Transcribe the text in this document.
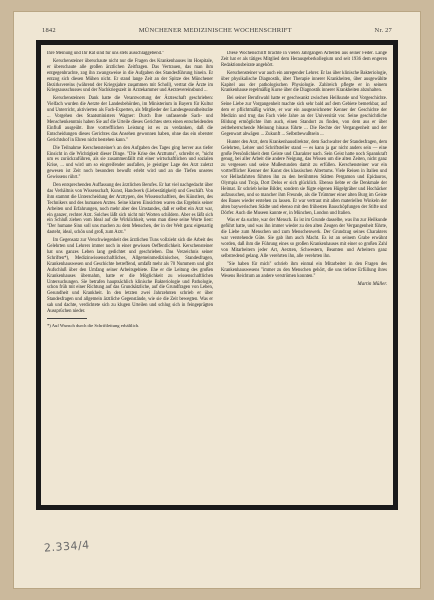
1842	MÜNCHENER MEDIZINISCHE WOCHENSCHRIFT	Nr. 27

Ihre Meinung und Ihr Rat sind für uns stets ausschlaggebend."

Kerschensteiner überschaute nicht nur die Fragen des Krankenhauses im Hospitale, er überschaute alle großen ärztlichen Zeitfragen. Das Vertrauen, das man ihm entgegenbrachte, zog ihn zwangsweise in die Aufgaben des Standesführung hinein. Er entzog sich diesen Mühen nicht. Er stand lange Zeit an der Spitze des Münchener Bezirksvereins (während der Kriegsjahre zusammen mit Scholl), vertrat die Ärzte im Kriegsausschusses und der Nachkriegszeit in Ärztekammer und Aerztevereinsbund ...

Kerschensteiners Dank hatte die Verantwortung der Ärzteschaft geschrieben: Vielfach wurden die Aerzte der Landesbehörden, im Ministerium in Bayern für Kultur und Unterricht, aktivierten als Fach-Experten, als Mitglieder der Landesgesundheitsräte ... Vorgehen des Staatsministers Wagner: Durch Ihre unfassende Sach- und Menschenkenntnis haben Sie auf die Urteile dieses Gerichtes stets einen entscheidenden Einfluß ausgeübt. Ihre vortrefflichen Leistung ist es zu verdanken, daß die Entscheidungen dieses Gerichtes das Ansehen gewonnen haben, ohne das ein oberster Gerichtshof in Ehren nicht bestehen kann."

Die Teilnahme Kerschensteiner's an den Aufgaben des Tages ging herver aus tiefer Einsicht in die Wichtigkeit dieser Dinge. "Die Krise des Arzttums", schreibt er, "nicht um es zurückzuführen, als sie zusammenfällt mit einer wirtschaftlichen und sozialen Krise, ... und wird um so eingreifender ausfallen, je geistiger Lage des Arzt zuletzt gewesen ist Zeit noch besonders bewußt erlebt wird und an die Tiefen unseres Gewissens rührt."

Den entsprechenden Auffassung des ärztlichen Berufes. Er hat viel nachgedacht über das Verhältnis von Wissenschaft, Kunst, Handwerk (Liebestätigkeit) und Geschäft. Von ihm stammt die Unterscheidung der Arzttypen, des Wissenschaftlers, des Künstlers, des Technikers und des humanen Arztes. Seine klaren Einsichten waren das Ergebnis seiner Arbeiten und Erfahrungen, noch mehr aber des Umstandes, daß er selbst ein Arzt war, ein ganzer, rechter Arzt. Solches läßt sich nicht mit Worten schildern. Aber es läßt sich ein Schluß ziehen vom Ideal auf die Wirklichkeit, wenn man diese seine Worte liest: "Der humane Sinn soll uns machen zu dem Menschen, der in der Welt ganz eigenartig dasteht, ideal, schön und groß, zum Arzt."

Im Gegensatz zur Verschwiegenheit des ärztlichen Tuns vollzieht sich die Arbeit des Gelehrten und Lehrers immer noch in einer gewissen Oeffentlichkeit. Kerschensteiner hat uns ganzes Leben lang gedichtet und geschrieben. Das Verzeichnis seiner Schriften*), Medizinwissenschaftliches, Allgemeinmedizinisches, Standesfragen, Krankenhauswesen und Geschichte betreffend, umfaßt mehr als 70 Nummern und gibt Aufschluß über den Umfang seiner Arbeitsgebiete. Ehe er die Leitung des großen Krankenhauses übernahm, hatte er die Möglichkeit zu wissenschaftlichen Untersuchungen. Sie betrafen hauptsächlich klinische Bakteriologie und Pathologie, schon früh mit einer Richtung auf das Grundsätzliche, auf die Grundfragen von Leben, Gesundheit und Krankheit. In den letzten zwei Jahrzehnten schrieb er über Standesfragen und allgemein ärztliche Gegenstände, wie sie die Zeit bewegten. Was er sah und dachte, verdichtete sich zu klugen Urteilen und schlug sich in feingeprägten Aussprüchen nieder.

*) Auf Wunsch durch die Schriftleitung erhältlich.

Diese Wochenschrift brachte in vielen Jahrgängen Arbeiten aus seiner Feder. Lange Zeit hat er als tätiges Mitglied dem Herausgeberkollegium und seit 1936 dem engeren Redaktionsbeirate angehört.

Kerschensteiner war auch ein anregender Lehrer. Er las über klinische Bakteriologie, über physikalische Diagnostik, über Therapie innerer Krankheiten, über ausgewählte Kapitel aus der pathologischen Physiologie. Zahlreich pflegte er in seinem Krankenhause regelmäßig Kurse über die Diagnostik innerer Krankheiten abzuhalten.

Bei seiner Berufswahl hatte er geschwankt zwischen Heilkunde und Vorgeschichte. Seine Liebe zur Vorgangenheit machte sich sehr bald auf dem Gebiete bemerkbar, auf dem er pflichtmäßig wirkte, er war ein ausgezeichneter Kenner der Geschichte der Medizin und trug das Fach viele Jahre an der Universität vor. Seine geschichtliche Bildung ermöglichte ihm auch, einen Standort zu finden, von dem aus er über zeitbeherrschende Meinung hinaus führte ... Die Rechte der Vergangenheit und der Gegenwart abwägen ... Zukunft ... Selbstbewußtsein ...

Hunter den Arzt, dem Krankenhausdirektor, dem Sachwalter der Standesfragen, dem Gelehrten, Lehrer und Schriftsteller stand — es kann ja gar nicht anders sein — eine große Persönlichkeit dem Geiste und Charakter nach. Sein Geist hatte noch Spannkraft genug, bei aller Arbeit die andere Neigung, das Wissen um die alten Zeiten, nicht ganz zu vergessen und seine Mußestunden damit zu erfüllen. Kerschensteiner war ein vortrefflicher Kenner der Kunst des klassischen Altertums. Viele Reisen in Italien und vor Hellasfahrten führten ihn zu den berühmten Stätten Pergamon und Epidauros, Olympia und Troja, Dort Delos er sich glücklich. Ebenso liebte er die Denkmale der Heimat. Er schrieb keine Bilder, sondern sie fügte eigenen Hügelgräber und Hochäcker aufzusuchen, und so mancher ihm Freunde, als die Trümmer einer alten Burg im Geiste des Baues wieder erstehen zu lassen. Er war vertraut mit allen materiellen Winkeln der alten baywerischen Städte und ebenso mit den frühesten Bauschöpfungen der Stifte und Dörfer. Auch die Museen kannte er, in München, London und Italien.

Was er da suchte, war der Mensch. Es ist im Grunde dasselbe, was ihn zur Heilkunde geführt hatte, und was ihn immer wieder zu den alten Zeugen der Vergangenheit führte, die Liebe zum Menschen und zum Menschenwerk. Der Grundzug seines Charakters war verstehende Güte. Sie gab ihm auch Macht. Es ist an seinem Grabe erwähnt worden, daß ihm die Führung eines so großen Krankenhauses mit einer so großen Zahl von Mitarbeitern jeder Art, Aerzten, Schwestern, Beamten und Arbeitern ganz selbstredend gelang. Alle verehrten ihn, alle verehrten ihn.

"Sie haben für mich" schrieb ihm einmal ein Mitarbeiter in den Fragen des Krankenhauswesens "immer zu den Menschen gehört, die uns tiefster Erfüllung ihres Wesens Reichtum an andere verströmen konnten."

Martin Müller.
2.334/4
